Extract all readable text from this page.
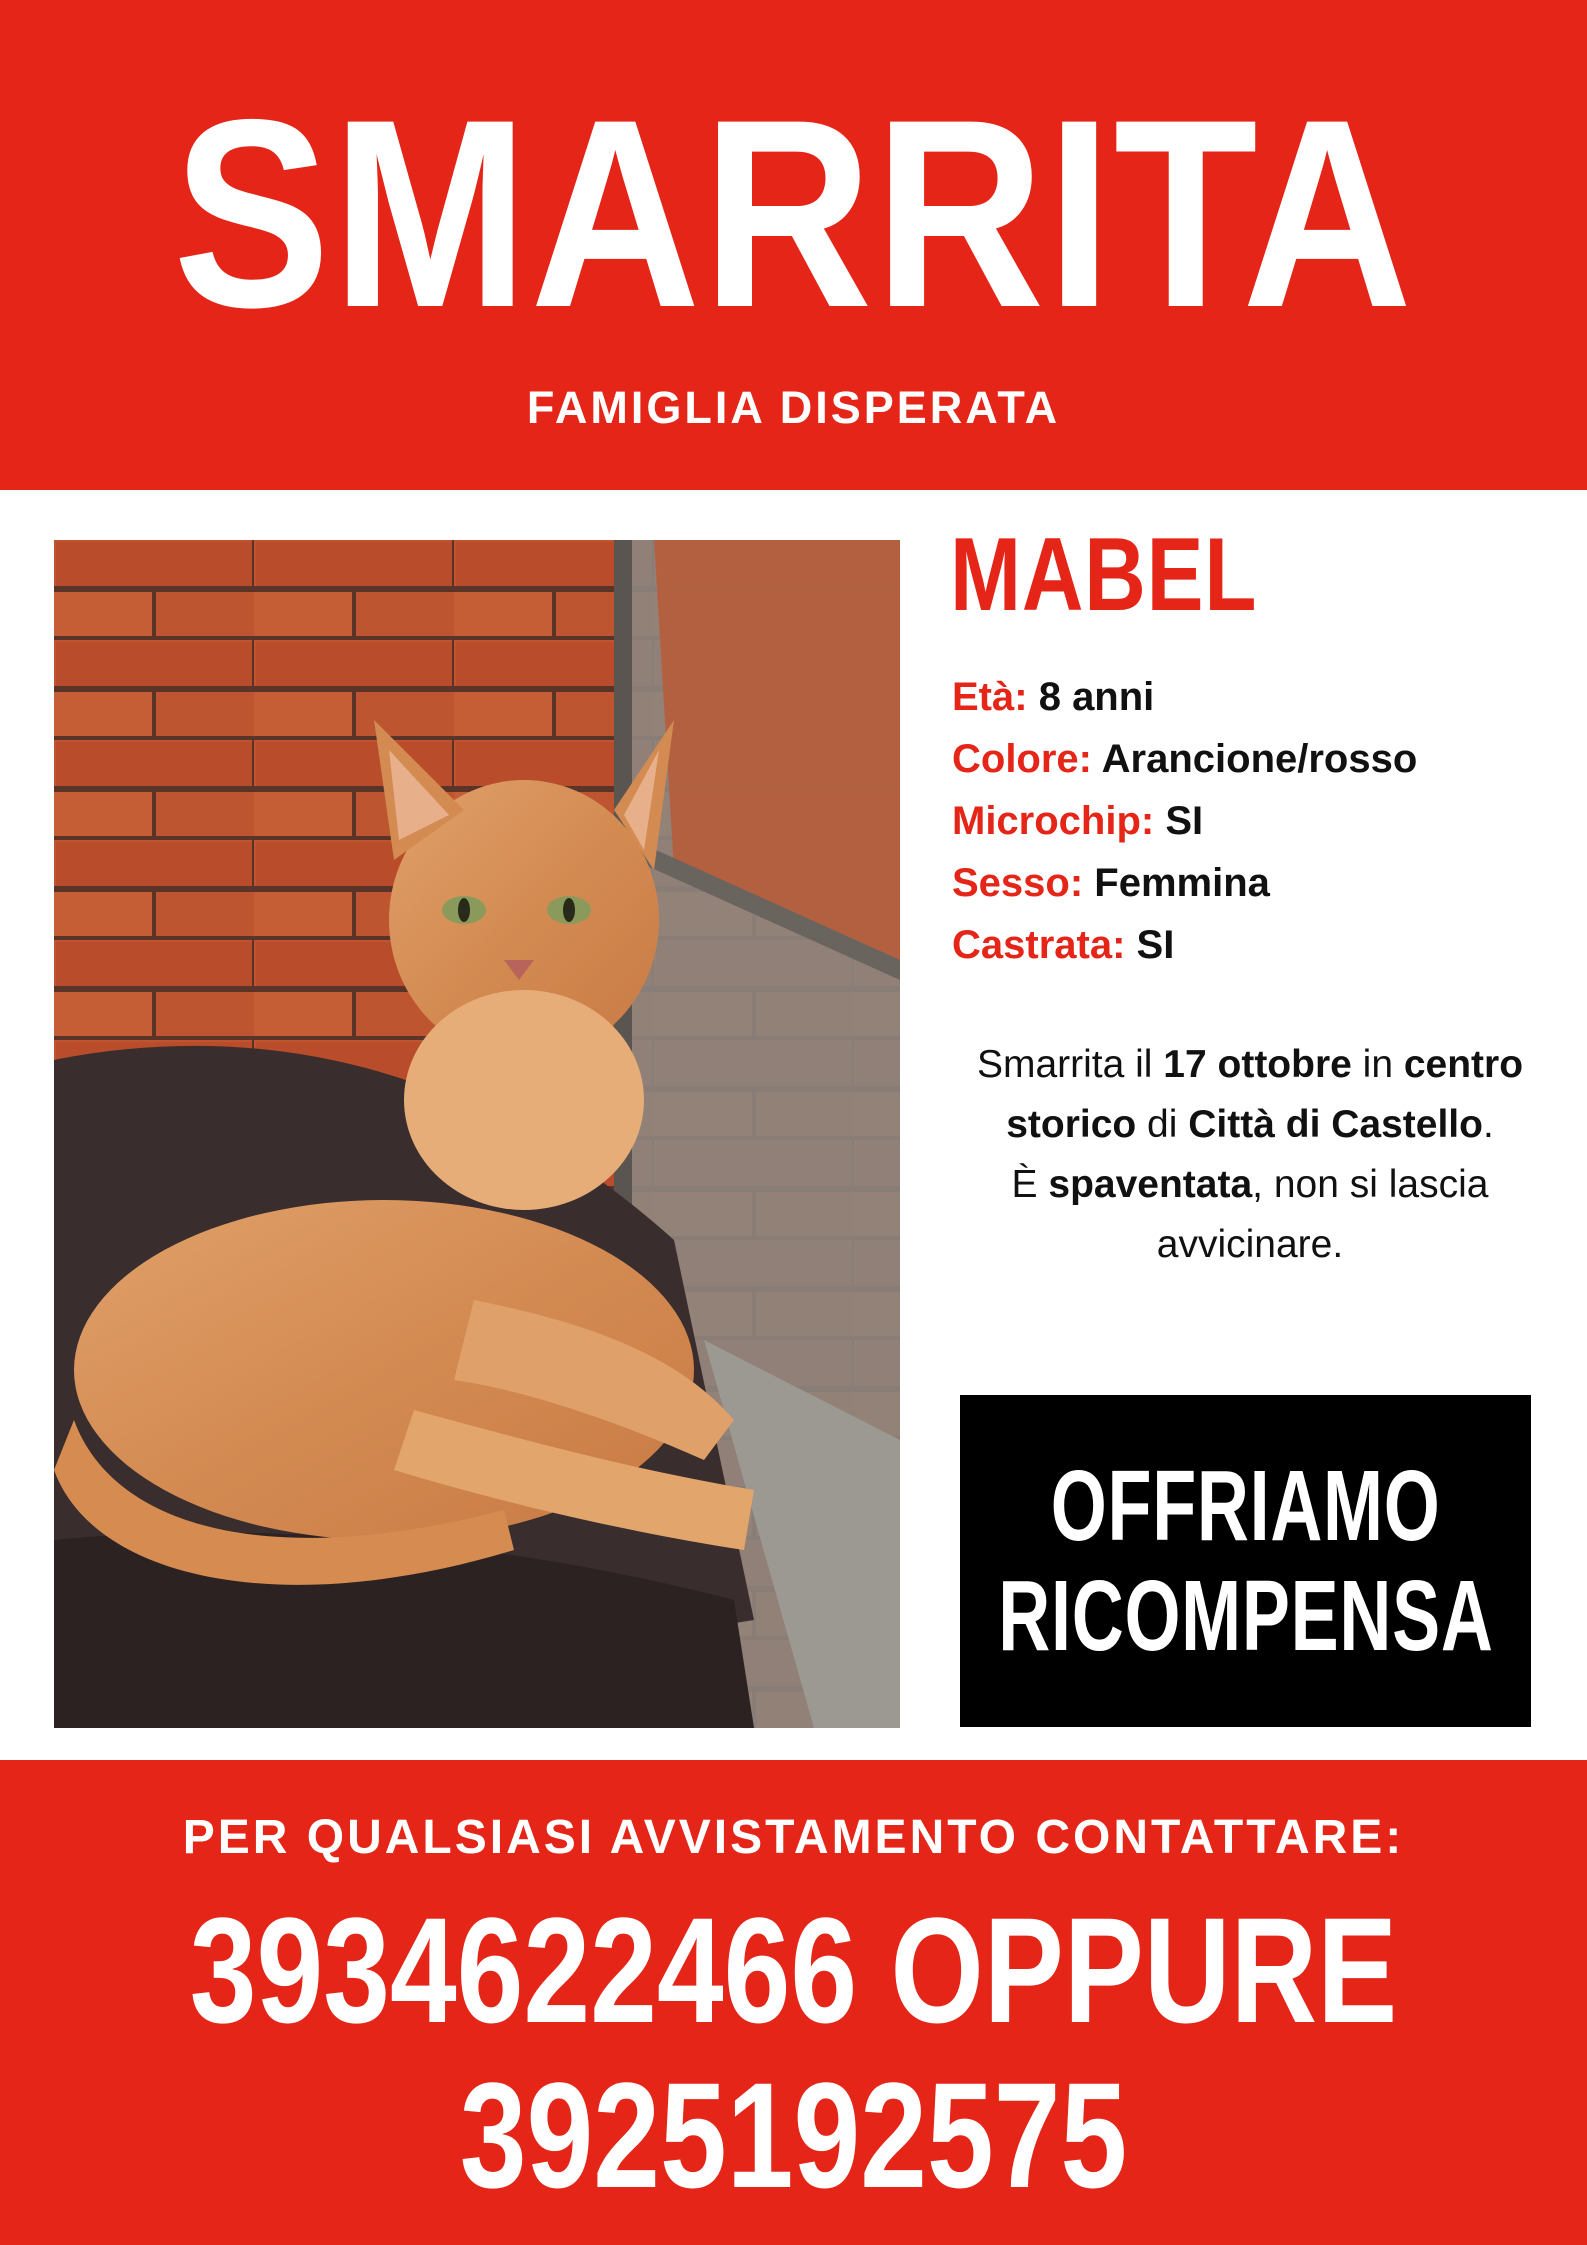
SMARRITA
FAMIGLIA DISPERATA
MABEL
Età: 8 anni
Colore: Arancione/rosso
Microchip: SI
Sesso: Femmina
Castrata: SI
Smarrita il 17 ottobre in centro storico di Città di Castello.
È spaventata, non si lascia avvicinare.
OFFRIAMO
RICOMPENSA
PER QUALSIASI AVVISTAMENTO CONTATTARE:
3934622466 OPPURE
3925192575
